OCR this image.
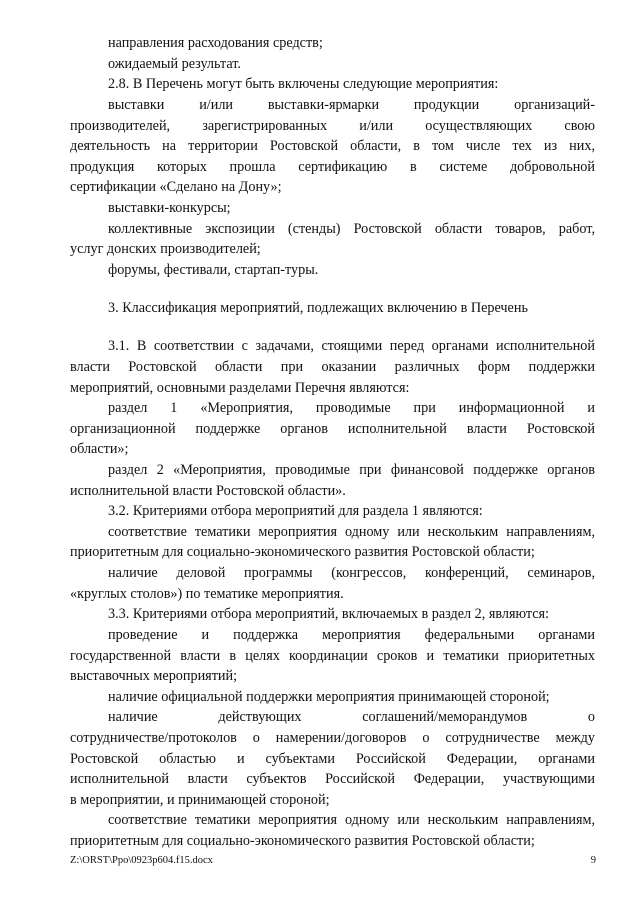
направления расходования средств;
ожидаемый результат.
2.8. В Перечень могут быть включены следующие мероприятия:
выставки и/или выставки-ярмарки продукции организаций-
производителей, зарегистрированных и/или осуществляющих свою
деятельность на территории Ростовской области, в том числе тех из них,
продукция которых прошла сертификацию в системе добровольной
сертификации «Сделано на Дону»;
выставки-конкурсы;
коллективные экспозиции (стенды) Ростовской области товаров, работ,
услуг донских производителей;
форумы, фестивали, стартап-туры.
3. Классификация мероприятий, подлежащих включению в Перечень
3.1. В соответствии с задачами, стоящими перед органами исполнительной
власти Ростовской области при оказании различных форм поддержки
мероприятий, основными разделами Перечня являются:
раздел 1 «Мероприятия, проводимые при информационной и
организационной поддержке органов исполнительной власти Ростовской
области»;
раздел 2 «Мероприятия, проводимые при финансовой поддержке органов
исполнительной власти Ростовской области».
3.2. Критериями отбора мероприятий для раздела 1 являются:
соответствие тематики мероприятия одному или нескольким направлениям,
приоритетным для социально-экономического развития Ростовской области;
наличие деловой программы (конгрессов, конференций, семинаров,
«круглых столов») по тематике мероприятия.
3.3. Критериями отбора мероприятий, включаемых в раздел 2, являются:
проведение и поддержка мероприятия федеральными органами
государственной власти в целях координации сроков и тематики приоритетных
выставочных мероприятий;
наличие официальной поддержки мероприятия принимающей стороной;
наличие действующих соглашений/меморандумов о
сотрудничестве/протоколов о намерении/договоров о сотрудничестве между
Ростовской областью и субъектами Российской Федерации, органами
исполнительной власти субъектов Российской Федерации, участвующими
в мероприятии, и принимающей стороной;
соответствие тематики мероприятия одному или нескольким направлениям,
приоритетным для социально-экономического развития Ростовской области;
Z:\ORST\Ppo\0923p604.f15.docx	9
